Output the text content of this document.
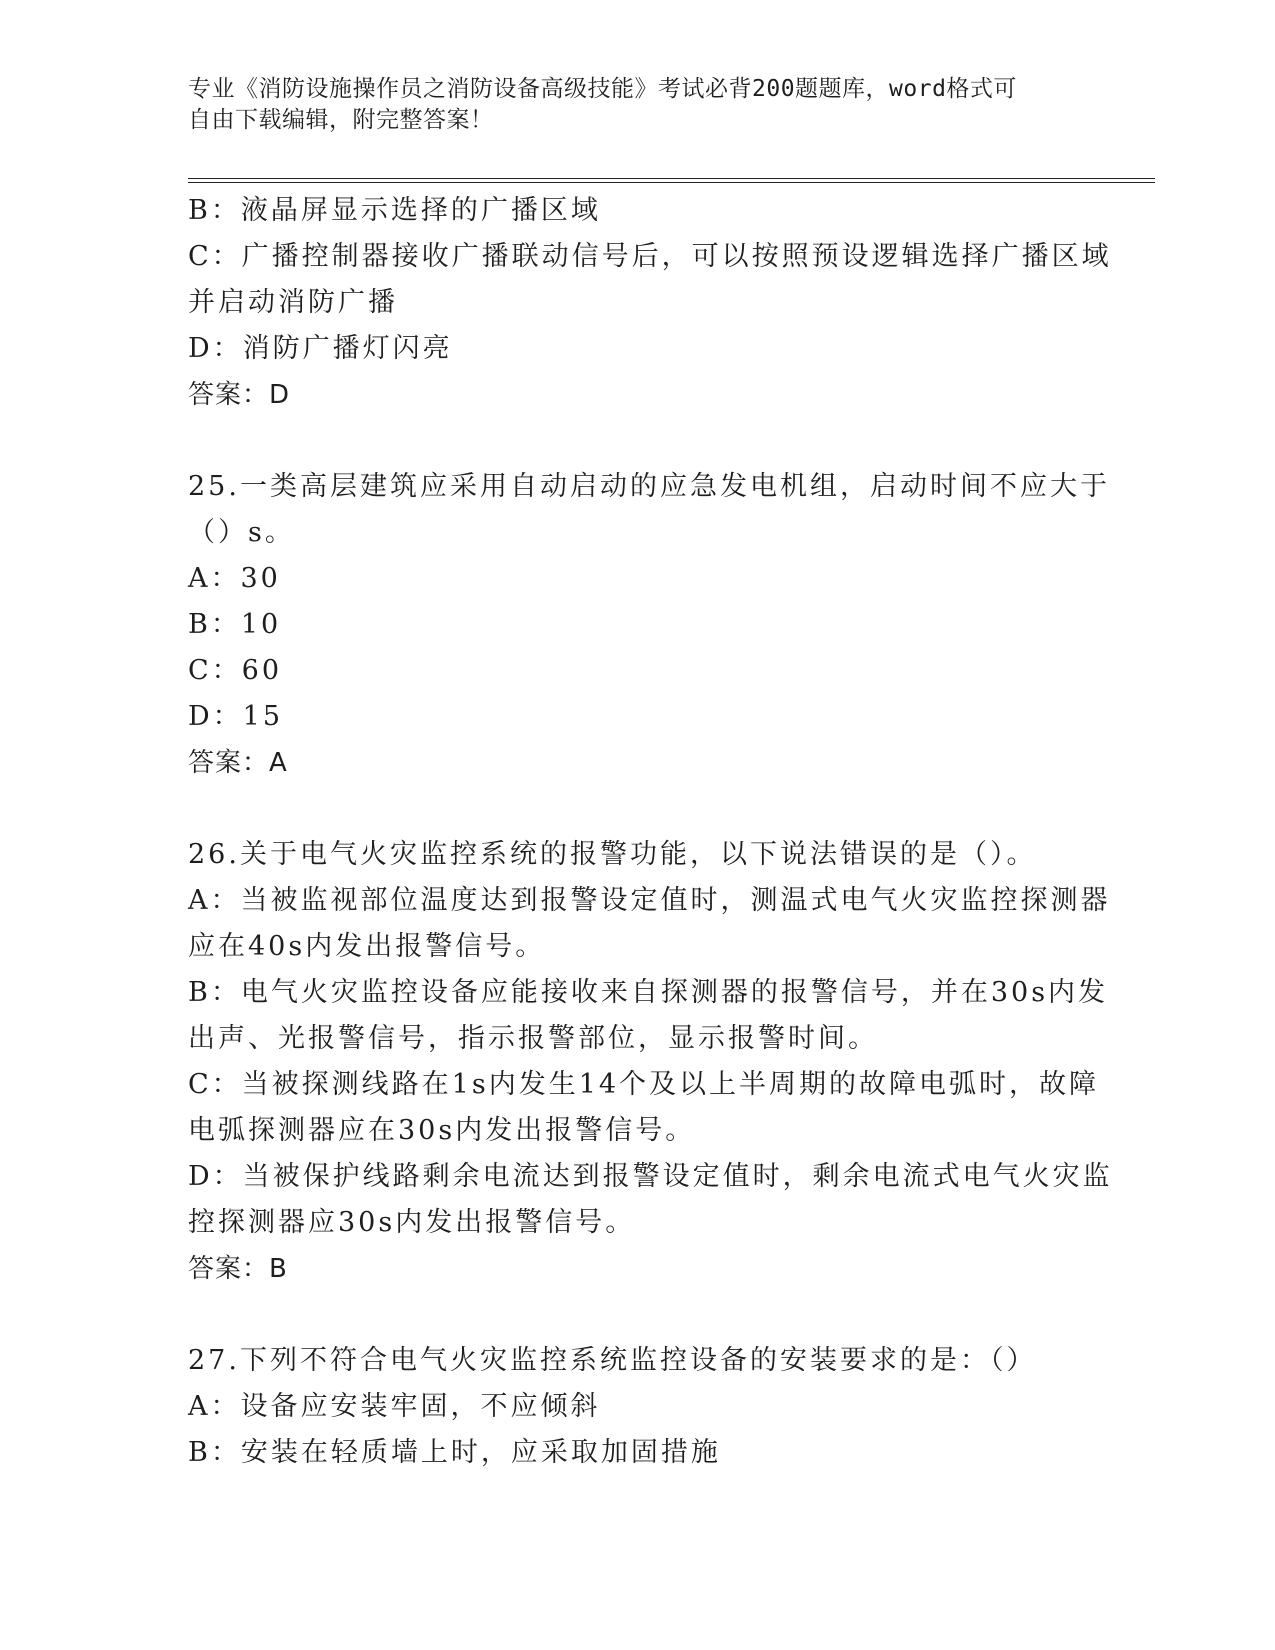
专业《消防设施操作员之消防设备高级技能》考试必背200题题库，word格式可
自由下载编辑，附完整答案！
B：液晶屏显示选择的广播区域
C：广播控制器接收广播联动信号后，可以按照预设逻辑选择广播区域
并启动消防广播
D：消防广播灯闪亮
答案：D
25.一类高层建筑应采用自动启动的应急发电机组，启动时间不应大于
（）s。
A：30
B：10
C：60
D：15
答案：A
26.关于电气火灾监控系统的报警功能，以下说法错误的是（）。
A：当被监视部位温度达到报警设定值时，测温式电气火灾监控探测器
应在40s内发出报警信号。
B：电气火灾监控设备应能接收来自探测器的报警信号，并在30s内发
出声、光报警信号，指示报警部位，显示报警时间。
C：当被探测线路在1s内发生14个及以上半周期的故障电弧时，故障
电弧探测器应在30s内发出报警信号。
D：当被保护线路剩余电流达到报警设定值时，剩余电流式电气火灾监
控探测器应30s内发出报警信号。
答案：B
27.下列不符合电气火灾监控系统监控设备的安装要求的是：（）
A：设备应安装牢固，不应倾斜
B：安装在轻质墙上时，应采取加固措施
